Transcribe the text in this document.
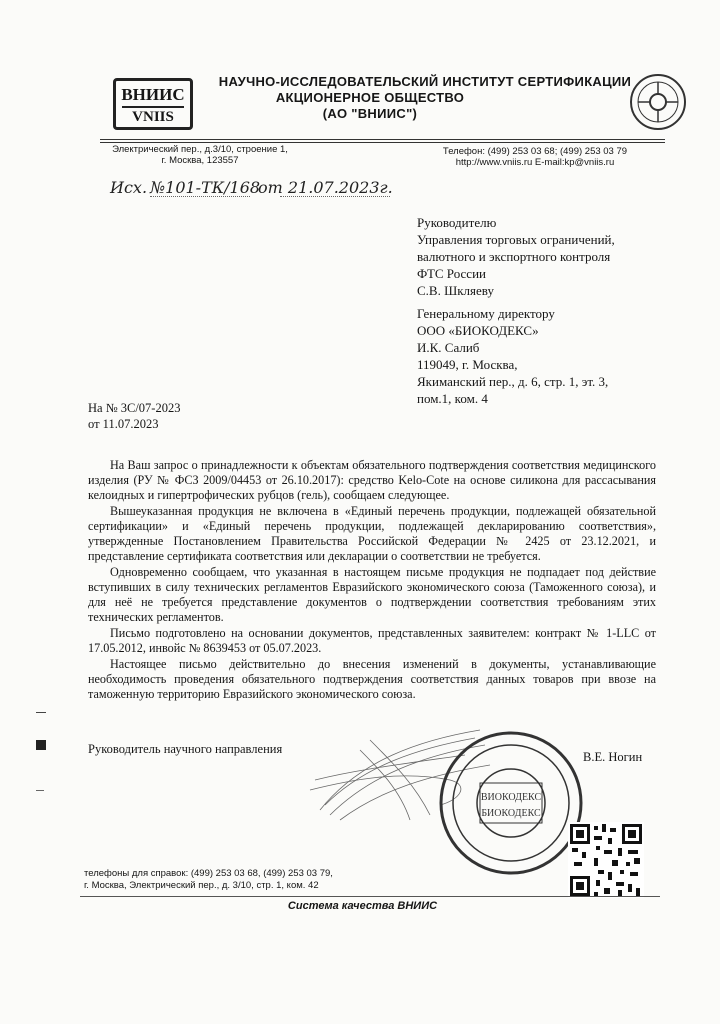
ВНИИС
VNIIS
НАУЧНО-ИССЛЕДОВАТЕЛЬСКИЙ ИНСТИТУТ СЕРТИФИКАЦИИ
АКЦИОНЕРНОЕ ОБЩЕСТВО
(АО "ВНИИС")
Электрический пер., д.3/10, строение 1,
г. Москва, 123557
Телефон: (499) 253 03 68; (499) 253 03 79
http://www.vniis.ru E-mail:kp@vniis.ru
Исх. №101-ТК/168
от 21.07.2023г.
Руководителю
Управления торговых ограничений,
валютного и экспортного контроля
ФТС России
С.В. Шкляеву
Генеральному директору
ООО «БИОКОДЕКС»
И.К. Салиб
119049, г. Москва,
Якиманский пер., д. 6, стр. 1, эт. 3,
пом.1, ком. 4
На № 3С/07-2023
от 11.07.2023

На Ваш запрос о принадлежности к объектам обязательного подтверждения соответствия медицинского изделия (РУ № ФСЗ 2009/04453 от 26.10.2017): средство Kelo-Cote на основе силикона для рассасывания келоидных и гипертрофических рубцов (гель), сообщаем следующее.

Вышеуказанная продукция не включена в «Единый перечень продукции, подлежащей обязательной сертификации» и «Единый перечень продукции, подлежащей декларированию соответствия», утвержденные Постановлением Правительства Российской Федерации № 2425 от 23.12.2021, и представление сертификата соответствия или декларации о соответствии не требуется.

Одновременно сообщаем, что указанная в настоящем письме продукция не подпадает под действие вступивших в силу технических регламентов Евразийского экономического союза (Таможенного союза), и для неё не требуется представление документов о подтверждении соответствия требованиям этих технических регламентов.

Письмо подготовлено на основании документов, представленных заявителем: контракт № 1-LLC от 17.05.2012, инвойс № 8639453 от 05.07.2023.

Настоящее письмо действительно до внесения изменений в документы, устанавливающие необходимость проведения обязательного подтверждения соответствия данных товаров при ввозе на таможенную территорию Евразийского экономического союза.

Руководитель научного направления
В.Е. Ногин
ВИОКОДЕКС
БИОКОДЕКС
телефоны для справок: (499) 253 03 68, (499) 253 03 79,
г. Москва, Электрический пер., д. 3/10, стр. 1, ком. 42
Система качества ВНИИС
